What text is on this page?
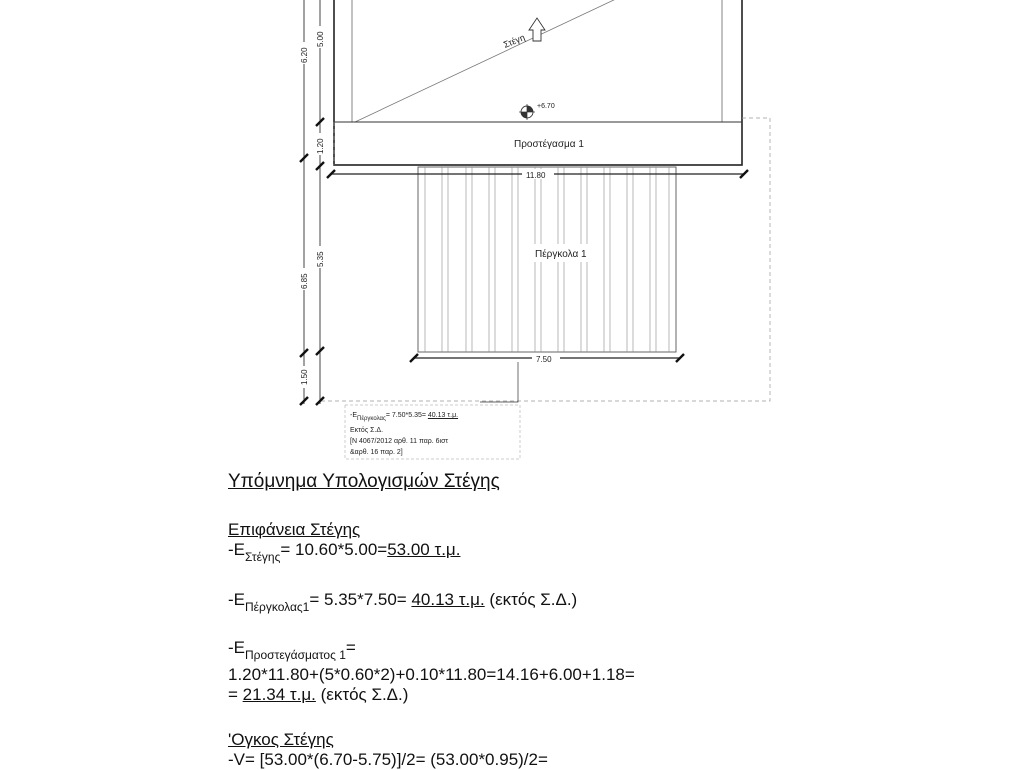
Στέγη
+6.70
Προστέγασμα 1
Πέργκολα 1
11.80
7.50
6.20
5.00
1.20
6.85
5.35
1.50
$-E_{\Pi έ\rho\gamma\kappa o\lambda\alpha\varsigma}= 7.50*5.35= 40.13$ τ.μ.
Εκτός Σ.Δ.
[Ν 4067/2012 αρθ. 11 παρ. 6ιστ
&αρθ. 16 παρ. 2]
Υπόμνημα Υπολογισμών Στέγης
Επιφάνεια Στέγης
$-E_{\Sigma\tau έ\gamma\eta\varsigma}= 10.60*5.00=53.00$ τ.μ.
$-E_{\Pi έ\rho\gamma\kappa o\lambda\alpha\varsigma 1}= 5.35*7.50= 40.13$ τ.μ. (εκτός Σ.Δ.)
$-E_{\Pi\rho o\sigma\tau\varepsilon\gamma ά\sigma\mu\alpha\tau o\varsigma 1}=$
1.20*11.80+(5*0.60*2)+0.10*11.80=14.16+6.00+1.18=
= 21.34 τ.μ. (εκτός Σ.Δ.)
'Ογκος Στέγης
-V= [53.00*(6.70-5.75)]/2= (53.00*0.95)/2=
